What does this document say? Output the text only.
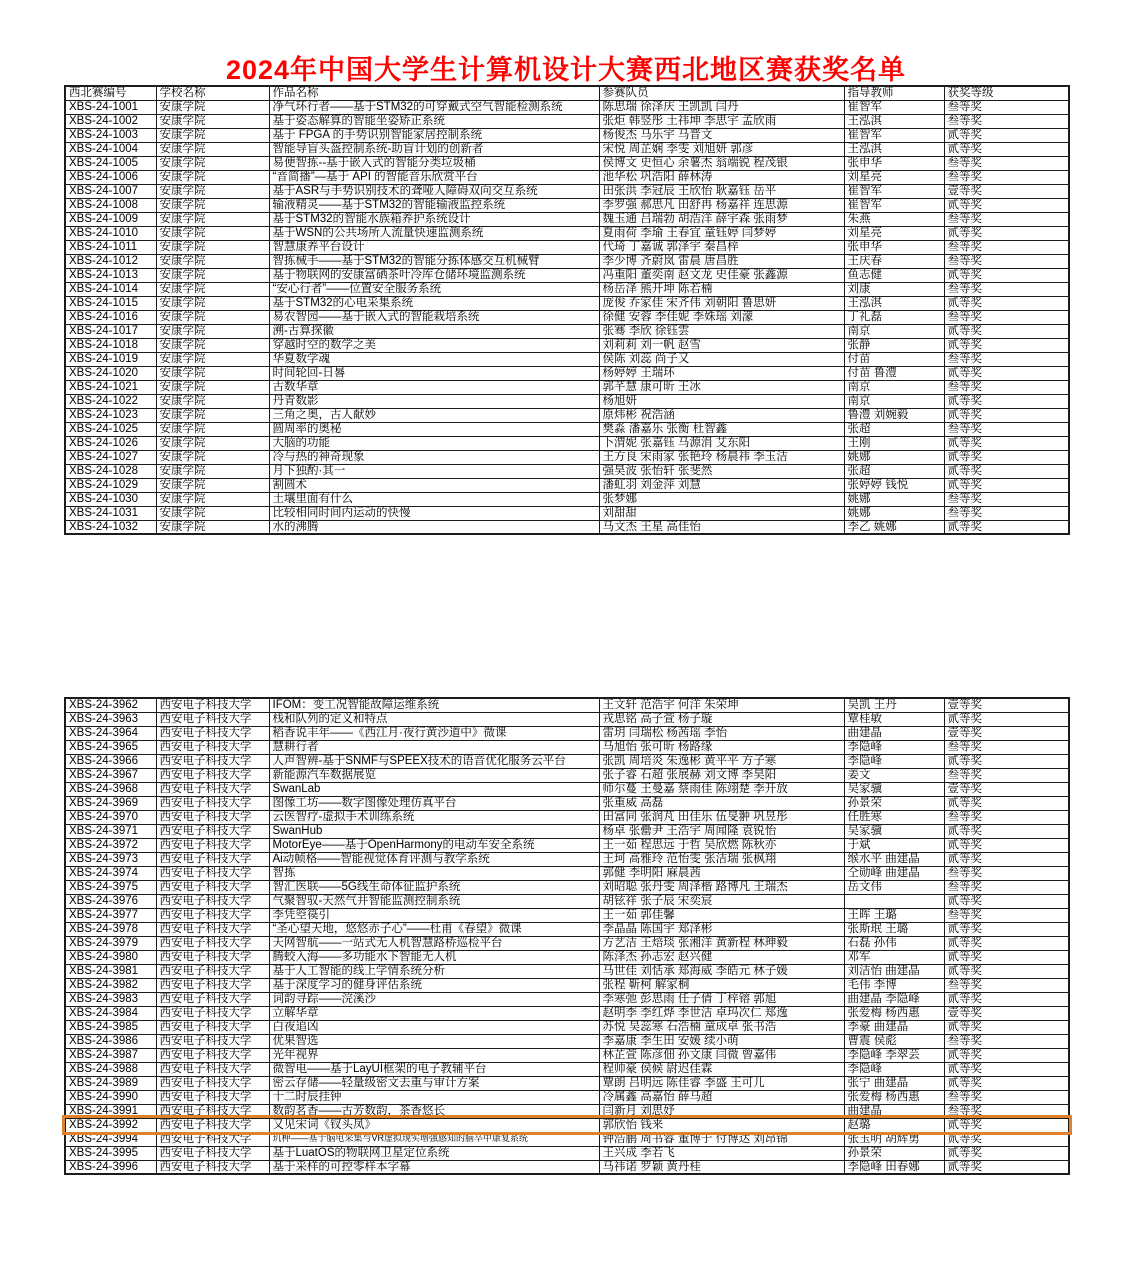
2024年中国大学生计算机设计大赛西北地区赛获奖名单
西北赛编号	学校名称	作品名称	参赛队员	指导教师	获奖等级
XBS-24-1001	安康学院	净气环行者——基于STM32的可穿戴式空气智能检测系统	陈思瑞 徐泽庆 王凯凯 闫丹	崔智军	叁等奖
XBS-24-1002	安康学院	基于姿态解算的智能坐姿矫正系统	张炬 韩竖彤 土祎坤 李思宇 孟欣雨	王泓淇	叁等奖
XBS-24-1003	安康学院	基于 FPGA 的手势识别智能家居控制系统	杨俊杰 马乐宇 马晋文	崔智军	贰等奖
XBS-24-1004	安康学院	智能导盲头盔控制系统-助盲计划的创新者	宋悦 周芷娴 李雯 刘旭妍 郭彦	王泓淇	贰等奖
XBS-24-1005	安康学院	易便智拣--基于嵌入式的智能分类垃圾桶	侯博文 史恒心 余薯杰 翁端锐 程茂银	张申华	叁等奖
XBS-24-1006	安康学院	“音简播”—基于 API 的智能音乐欣赏平台	池华松 巩浩阳 薛林涛	刘星亮	叁等奖
XBS-24-1007	安康学院	基于ASR与手势识别技术的聋哑人障碍双向交互系统	田张洪 李冠辰 王欣怡 耿嘉钰 岳平	崔智军	壹等奖
XBS-24-1008	安康学院	输液精灵——基于STM32的智能输液监控系统	李罗强 郝思凡 田舒冉 杨嘉祥 连思源	崔智军	贰等奖
XBS-24-1009	安康学院	基于STM32的智能水族箱养护系统设计	魏玉通 吕瑞勃 胡浩洋 薛宇森 张雨梦	朱燕	叁等奖
XBS-24-1010	安康学院	基于WSN的公共场所人流量快速监测系统	夏雨荷 李瑜 王春宜 童钰婷 闫梦婷	刘星亮	贰等奖
XBS-24-1011	安康学院	智慧康养平台设计	代琦 丁嘉诚 郭泽宇 秦昌梓	张申华	叁等奖
XBS-24-1012	安康学院	智拣械手——基于STM32的智能分拣体感交互机械臂	李少博 齐蔚岚 雷晨 唐昌胜	王庆春	叁等奖
XBS-24-1013	安康学院	基于物联网的安康富硒茶叶冷库仓储环境监测系统	冯重阳 董奕南 赵文龙 史佳豪 张鑫源	鱼志健	贰等奖
XBS-24-1014	安康学院	“安心行者”——位置安全服务系统	杨岳泽 熊开坤 陈若楠	刘康	叁等奖
XBS-24-1015	安康学院	基于STM32的心电采集系统	庞俊 乔家佳 宋齐伟 刘朝阳 鲁思妍	王泓淇	贰等奖
XBS-24-1016	安康学院	易农智园——基于嵌入式的智能栽培系统	徐健 安蓉 李佳妮 李姝瑶 刘濛	丁礼磊	叁等奖
XBS-24-1017	安康学院	溯-古算探徽	张骞 李欣 徐钰雲	南京	贰等奖
XBS-24-1018	安康学院	穿越时空的数学之美	刘莉莉 刘一帆 赵雪	张静	贰等奖
XBS-24-1019	安康学院	华夏数学魂	侯陈 刘蕊 尚子又	付苗	叁等奖
XBS-24-1020	安康学院	时间轮回-日晷	杨婷婷 王瑞环	付苗 鲁澧	贰等奖
XBS-24-1021	安康学院	古数华章	郭芊慧 康可昕 王冰	南京	叁等奖
XBS-24-1022	安康学院	丹青数影	杨旭妍	南京	贰等奖
XBS-24-1023	安康学院	三角之奥，古人献妙	原炜彬 祝浩涵	鲁澧 刘婉毅	贰等奖
XBS-24-1025	安康学院	圆周率的奥秘	樊淼 潘嘉乐 张衡 杜智鑫	张超	叁等奖
XBS-24-1026	安康学院	大脑的功能	卜渭妮 张嘉钰 马源涓 艾东阳	王刚	贰等奖
XBS-24-1027	安康学院	冷与热的神奇现象	王方良 宋雨家 张艳玲 杨晨祎 李玉洁	姚娜	贰等奖
XBS-24-1028	安康学院	月下独酌·其一	强昊波 张怡轩 张斐然	张超	贰等奖
XBS-24-1029	安康学院	割圆术	潘虹羽 刘金萍 刘慧	张婷婷 钱悦	贰等奖
XBS-24-1030	安康学院	土壤里面有什么	张梦娜	姚娜	叁等奖
XBS-24-1031	安康学院	比较相同时间内运动的快慢	刘甜甜	姚娜	叁等奖
XBS-24-1032	安康学院	水的沸腾	马文杰 王星 高佳怡	李乙 姚娜	贰等奖
XBS-24-3962	西安电子科技大学	IFOM：变工况智能故障运维系统	王文轩 范浩宇 何洋 朱荣坤	吴凯 王丹	壹等奖
XBS-24-3963	西安电子科技大学	栈和队列的定义和特点	戎思铭 高子萱 杨子璇	覃桂敏	贰等奖
XBS-24-3964	西安电子科技大学	稻香说丰年——《西江月·夜行黄沙道中》微课	雷玥 闫瑞松 杨茜瑶 李怡	曲建晶	壹等奖
XBS-24-3965	西安电子科技大学	慧耕行者	马旭怡 张可昕 杨路缘	李隐峰	叁等奖
XBS-24-3966	西安电子科技大学	人声智辨-基于SNMF与SPEEX技术的语音优化服务云平台	张凯 周培炎 朱逸彬 黄平平 方子寒	李隐峰	贰等奖
XBS-24-3967	西安电子科技大学	新能源汽车数据展览	张子睿 石超 张展赫 刘文博 李昊阳	姜文	叁等奖
XBS-24-3968	西安电子科技大学	SwanLab	师尔蔓 王曼嘉 蔡雨佳 陈翊楚 李开放	吴家骥	壹等奖
XBS-24-3969	西安电子科技大学	图像工坊——数字图像处理仿真平台	张重威 高磊	孙景荣	贰等奖
XBS-24-3970	西安电子科技大学	云医智疗-虚拟手术训练系统	田富同 张润芃 田佳乐 伍旻翀 巩昱彤	任胜寒	叁等奖
XBS-24-3971	西安电子科技大学	SwanHub	杨卓 张罍尹 王浩宇 周闻隆 袁锐怡	吴家骥	贰等奖
XBS-24-3972	西安电子科技大学	MotorEye——基于OpenHarmony的电动车安全系统	王一茹 程思远 于哲 吴欣燃 陈秋亦	于斌	贰等奖
XBS-24-3973	西安电子科技大学	Ai动帧格——智能视觉体育评测与教学系统	王珂 高雅玲 范怡雯 张洁瑞 张枫翔	缑水平 曲建晶	贰等奖
XBS-24-3974	西安电子科技大学	智拣	郭健 李明阳 麻晨茜	仝勋峰 曲建晶	叁等奖
XBS-24-3975	西安电子科技大学	智汇医联——5G线生命体征监护系统	刘昭聪 张丹雯 周泽楷 路博凡 王瑞杰	岳文伟	叁等奖
XBS-24-3976	西安电子科技大学	气聚智驭-天然气井智能监测控制系统	胡铉祥 张子辰 宋奕宸		贰等奖
XBS-24-3977	西安电子科技大学	李凭箜篌引	王一茹 郭佳馨	王晖 王璐	叁等奖
XBS-24-3978	西安电子科技大学	“圣心望天地，悠悠赤子心”——杜甫《春望》微课	李晶晶 陈国宇 郑泽彬	张斯珉 王璐	贰等奖
XBS-24-3979	西安电子科技大学	天网智航——一站式无人机智慧路桥巡检平台	方艺洁 王焙琰 张湘洋 黄新程 林珅毅	石磊 孙伟	贰等奖
XBS-24-3980	西安电子科技大学	腾蛟入海——多功能水下智能无人机	陈泽杰 孙志宏 赵兴健	邓军	贰等奖
XBS-24-3981	西安电子科技大学	基于人工智能的线上学情系统分析	马世佳 刘恬承 郑海威 李皓元 林子媛	刘洁怡 曲建晶	贰等奖
XBS-24-3982	西安电子科技大学	基于深度学习的健身评估系统	张程 靳柯 解家桐	毛伟 李博	叁等奖
XBS-24-3983	西安电子科技大学	词韵寻踪——浣溪沙	李寒弛 彭思雨 任子倩 丁梓镕 郭旭	曲建晶 李隐峰	贰等奖
XBS-24-3984	西安电子科技大学	立解华章	赵明李 李红烨 李世洁 卓玛次仁 郑逸	张爱梅 杨西惠	壹等奖
XBS-24-3985	西安电子科技大学	白夜追凶	苏悦 吴蕊寒 石浩楠 童成卓 张书浩	李豪 曲建晶	贰等奖
XBS-24-3986	西安电子科技大学	优果智选	李嘉康 李生田 安媛 续小萌	曹震 侯彪	叁等奖
XBS-24-3987	西安电子科技大学	光年视界	林芷萱 陈彦佃 孙文康 闫微 曾嘉伟	李隐峰 李翠芸	贰等奖
XBS-24-3988	西安电子科技大学	微智电——基于LayUI框架的电子教辅平台	程帅豪 侯候 尉迟佳霖	李隐峰	贰等奖
XBS-24-3989	西安电子科技大学	密云存储——轻量级密文去重与审计方案	覃朗 吕明远 陈佳睿 李盛 王可儿	张宁 曲建晶	贰等奖
XBS-24-3990	西安电子科技大学	十二时辰挂钟	冷属鑫 高嘉怡 薛马超	张爱梅 杨西惠	叁等奖
XBS-24-3991	西安电子科技大学	数韵茗香——古芳数韵，茶香悠长	闫新月 刘思妤	曲建晶	叁等奖
XBS-24-3992	西安电子科技大学	又见宋词《钗头凤》	郭欣怡 钱来	赵璐	贰等奖
XBS-24-3994	西安电子科技大学	玑柙——基于脑电采集与VR虚拟现实增强感知的脑卒中康复系统	钟浩鹏 周书睿 董博于 付博达 刘昂锦	张玉明 胡辉勇	贰等奖
XBS-24-3995	西安电子科技大学	基于LuatOS的物联网卫星定位系统	王兴成 李若飞	孙景荣	贰等奖
XBS-24-3996	西安电子科技大学	基于采样的可控零样本字幕	马祎诺 罗颖 黄丹桂	李隐峰 田春娜	贰等奖
